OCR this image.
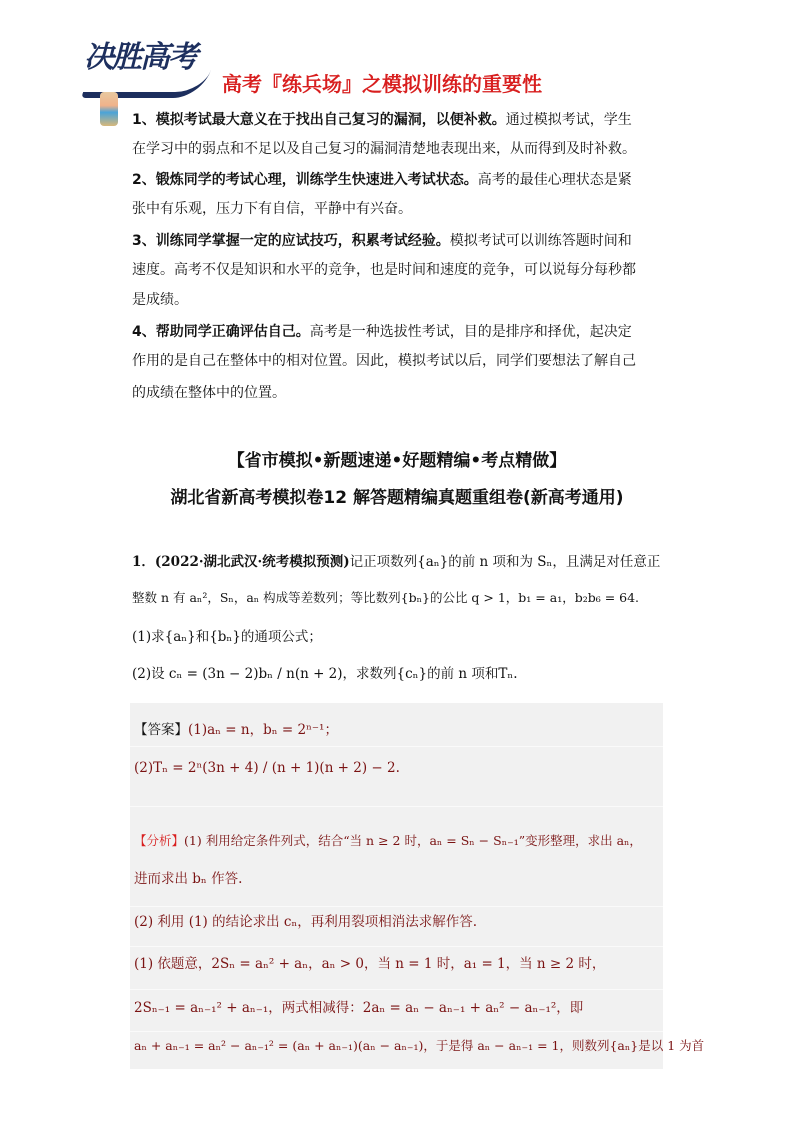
决胜高考
高考『练兵场』之模拟训练的重要性
1、模拟考试最大意义在于找出自己复习的漏洞，以便补救。通过模拟考试，学生
在学习中的弱点和不足以及自己复习的漏洞清楚地表现出来，从而得到及时补救。
2、锻炼同学的考试心理，训练学生快速进入考试状态。高考的最佳心理状态是紧
张中有乐观，压力下有自信，平静中有兴奋。
3、训练同学掌握一定的应试技巧，积累考试经验。模拟考试可以训练答题时间和
速度。高考不仅是知识和水平的竞争，也是时间和速度的竞争，可以说每分每秒都
是成绩。
4、帮助同学正确评估自己。高考是一种选拔性考试，目的是排序和择优，起决定
作用的是自己在整体中的相对位置。因此，模拟考试以后，同学们要想法了解自己
的成绩在整体中的位置。
【省市模拟•新题速递•好题精编•考点精做】
湖北省新高考模拟卷12 解答题精编真题重组卷(新高考通用)
1．(2022·湖北武汉·统考模拟预测)记正项数列{aₙ}的前 n 项和为 Sₙ，且满足对任意正
整数 n 有 aₙ²，Sₙ，aₙ 构成等差数列；等比数列{bₙ}的公比 q > 1，b₁ = a₁，b₂b₆ = 64.
(1)求{aₙ}和{bₙ}的通项公式；
(2)设 cₙ = (3n − 2)bₙ / n(n + 2)，求数列{cₙ}的前 n 项和Tₙ.
【答案】(1)aₙ = n，bₙ = 2ⁿ⁻¹；
(2)Tₙ = 2ⁿ(3n + 4) / (n + 1)(n + 2) − 2.
【分析】(1) 利用给定条件列式，结合“当 n ≥ 2 时，aₙ = Sₙ − Sₙ₋₁”变形整理，求出 aₙ，
进而求出 bₙ 作答.
(2) 利用 (1) 的结论求出 cₙ，再利用裂项相消法求解作答.
(1) 依题意，2Sₙ = aₙ² + aₙ，aₙ > 0，当 n = 1 时，a₁ = 1，当 n ≥ 2 时，
2Sₙ₋₁ = aₙ₋₁² + aₙ₋₁，两式相减得：2aₙ = aₙ − aₙ₋₁ + aₙ² − aₙ₋₁²，即
aₙ + aₙ₋₁ = aₙ² − aₙ₋₁² = (aₙ + aₙ₋₁)(aₙ − aₙ₋₁)，于是得 aₙ − aₙ₋₁ = 1，则数列{aₙ}是以 1 为首
